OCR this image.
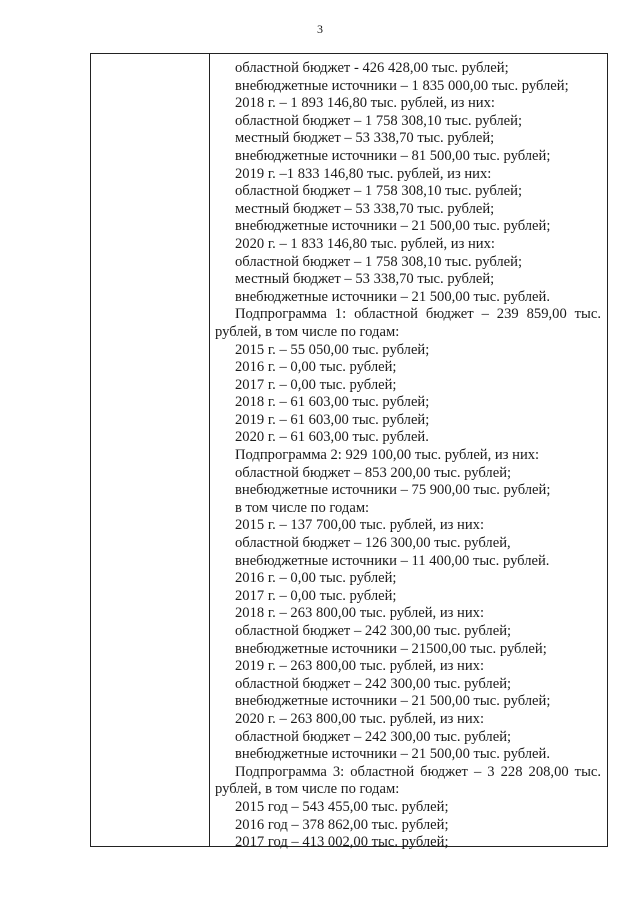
3
областной бюджет - 426 428,00 тыс. рублей;
внебюджетные источники – 1 835 000,00 тыс. рублей;
2018 г. – 1 893 146,80 тыс. рублей, из них:
областной бюджет – 1 758 308,10 тыс. рублей;
местный бюджет – 53 338,70 тыс. рублей;
внебюджетные источники – 81 500,00 тыс. рублей;
2019 г. –1 833 146,80 тыс. рублей, из них:
областной бюджет – 1 758 308,10 тыс. рублей;
местный бюджет – 53 338,70 тыс. рублей;
внебюджетные источники – 21 500,00 тыс. рублей;
2020 г. – 1 833 146,80 тыс. рублей, из них:
областной бюджет – 1 758 308,10 тыс. рублей;
местный бюджет – 53 338,70 тыс. рублей;
внебюджетные источники – 21 500,00 тыс. рублей.
Подпрограмма 1: областной бюджет – 239 859,00 тыс.
рублей, в том числе по годам:
2015 г. – 55 050,00 тыс. рублей;
2016 г. – 0,00 тыс. рублей;
2017 г. – 0,00 тыс. рублей;
2018 г. – 61 603,00 тыс. рублей;
2019 г. – 61 603,00 тыс. рублей;
2020 г. – 61 603,00 тыс. рублей.
Подпрограмма 2: 929 100,00 тыс. рублей, из них:
областной бюджет – 853 200,00 тыс. рублей;
внебюджетные источники – 75 900,00 тыс. рублей;
в том числе по годам:
2015 г. – 137 700,00 тыс. рублей, из них:
областной бюджет – 126 300,00 тыс. рублей,
внебюджетные источники – 11 400,00 тыс. рублей.
2016 г. – 0,00 тыс. рублей;
2017 г. – 0,00 тыс. рублей;
2018 г. – 263 800,00 тыс. рублей, из них:
областной бюджет – 242 300,00 тыс. рублей;
внебюджетные источники – 21500,00 тыс. рублей;
2019 г. – 263 800,00 тыс. рублей, из них:
областной бюджет – 242 300,00 тыс. рублей;
внебюджетные источники – 21 500,00 тыс. рублей;
2020 г. – 263 800,00 тыс. рублей, из них:
областной бюджет – 242 300,00 тыс. рублей;
внебюджетные источники – 21 500,00 тыс. рублей.
Подпрограмма 3: областной бюджет – 3 228 208,00 тыс.
рублей, в том числе по годам:
2015 год – 543 455,00 тыс. рублей;
2016 год – 378 862,00 тыс. рублей;
2017 год – 413 002,00 тыс. рублей;
